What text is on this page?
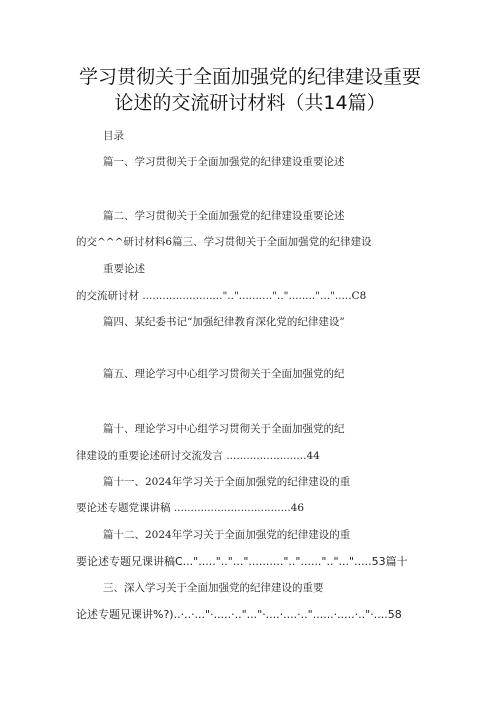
学习贯彻关于全面加强党的纪律建设重要
论述的交流研讨材料（共14篇）
目录
篇一、学习贯彻关于全面加强党的纪律建设重要论述
篇二、学习贯彻关于全面加强党的纪律建设重要论述
的交^^^研讨材料6篇三、学习贯彻关于全面加强党的纪律建设
重要论述
的交流研讨材 ........................".."..........".."........"...".....C8
篇四、某纪委书记“加强纪律教育深化党的纪律建设”
篇五、理论学习中心组学习贯彻关于全面加强党的纪
篇十、理论学习中心组学习贯彻关于全面加强党的纪
律建设的重要论述研讨交流发言 ........................44
篇十一、2024年学习关于全面加强党的纪律建设的重
要论述专题党课讲稿 ...................................46
篇十二、2024年学习关于全面加强党的纪律建设的重
要论述专题兄课讲稿C...".....".."..."..........".."......".."...".....53篇十
三、深入学习关于全面加强党的纪律建设的重要
论述专题兄课讲%?)..·..·..."·.....·.."..."·....·....·.."......·.....·.."·....58
